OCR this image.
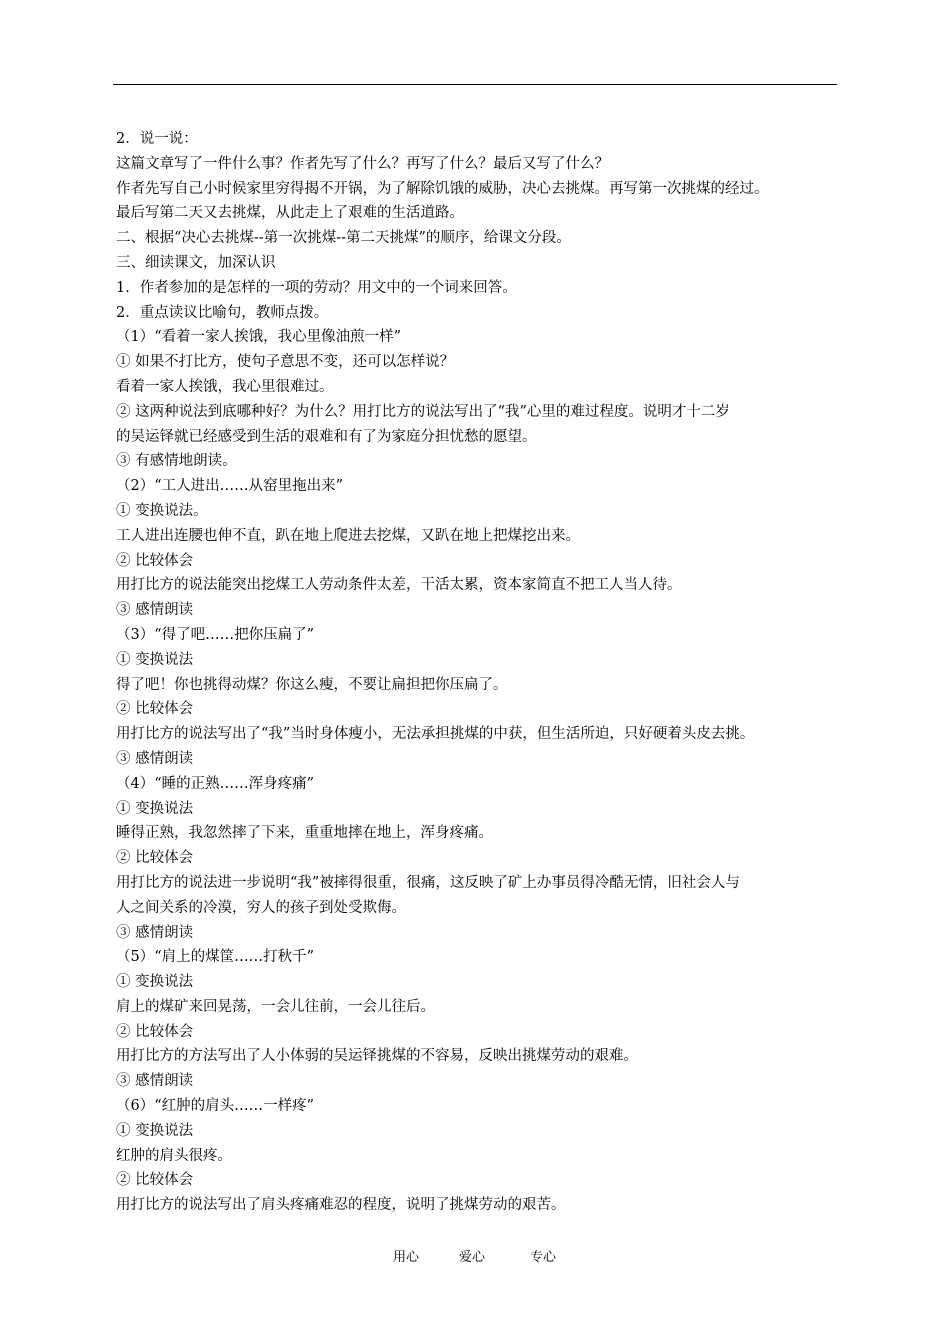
2．说一说：
这篇文章写了一件什么事？作者先写了什么？再写了什么？最后又写了什么？
作者先写自己小时候家里穷得揭不开锅，为了解除饥饿的威胁，决心去挑煤。再写第一次挑煤的经过。
最后写第二天又去挑煤，从此走上了艰难的生活道路。
二、根据“决心去挑煤--第一次挑煤--第二天挑煤”的顺序，给课文分段。
三、细读课文，加深认识
1．作者参加的是怎样的一项的劳动？用文中的一个词来回答。
2．重点读议比喻句，教师点拨。
（1）“看着一家人挨饿，我心里像油煎一样”
① 如果不打比方，使句子意思不变，还可以怎样说？
看着一家人挨饿，我心里很难过。
② 这两种说法到底哪种好？为什么？用打比方的说法写出了“我”心里的难过程度。说明才十二岁
的吴运铎就已经感受到生活的艰难和有了为家庭分担忧愁的愿望。
③ 有感情地朗读。
（2）“工人进出……从窑里拖出来”
① 变换说法。
工人进出连腰也伸不直，趴在地上爬进去挖煤，又趴在地上把煤挖出来。
② 比较体会
用打比方的说法能突出挖煤工人劳动条件太差，干活太累，资本家简直不把工人当人待。
③ 感情朗读
（3）“得了吧……把你压扁了”
① 变换说法
得了吧！你也挑得动煤？你这么瘦，不要让扁担把你压扁了。
② 比较体会
用打比方的说法写出了“我”当时身体瘦小，无法承担挑煤的中获，但生活所迫，只好硬着头皮去挑。
③ 感情朗读
（4）“睡的正熟……浑身疼痛”
① 变换说法
睡得正熟，我忽然摔了下来，重重地摔在地上，浑身疼痛。
② 比较体会
用打比方的说法进一步说明“我”被摔得很重，很痛，这反映了矿上办事员得冷酷无情，旧社会人与
人之间关系的冷漠，穷人的孩子到处受欺侮。
③ 感情朗读
（5）“肩上的煤筐……打秋千”
① 变换说法
肩上的煤矿来回晃荡，一会儿往前，一会儿往后。
② 比较体会
用打比方的方法写出了人小体弱的吴运铎挑煤的不容易，反映出挑煤劳动的艰难。
③ 感情朗读
（6）“红肿的肩头……一样疼”
① 变换说法
红肿的肩头很疼。
② 比较体会
用打比方的说法写出了肩头疼痛难忍的程度，说明了挑煤劳动的艰苦。
用心	爱心	专心
